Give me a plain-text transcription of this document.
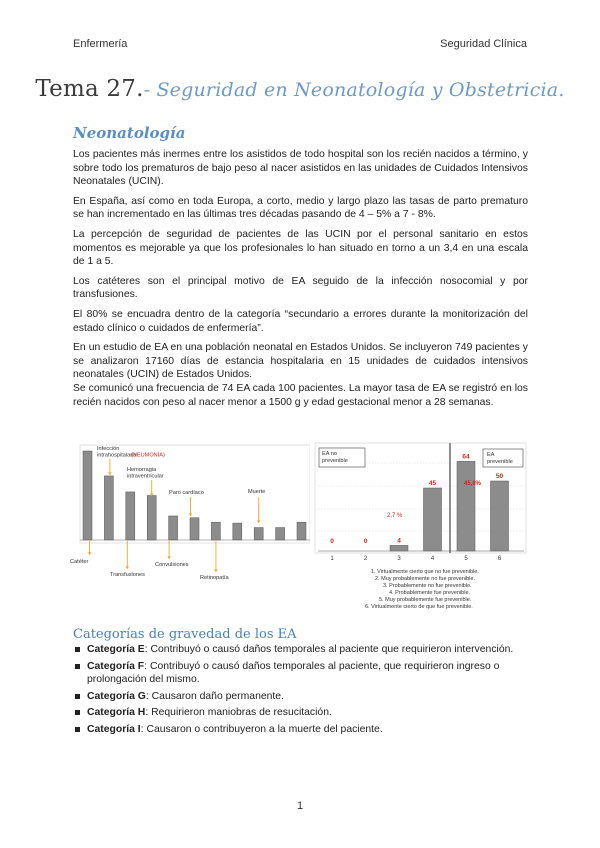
Enfermería	Seguridad Clínica
Tema 27.- Seguridad en Neonatología y Obstetricia.
Neonatología

Los pacientes más inermes entre los asistidos de todo hospital son los recién nacidos a término, y sobre todo los prematuros de bajo peso al nacer asistidos en las unidades de Cuidados Intensivos Neonatales (UCIN).

En España, así como en toda Europa, a corto, medio y largo plazo las tasas de parto prematuro se han incrementado en las últimas tres décadas pasando de 4 – 5% a 7 - 8%.

La percepción de seguridad de pacientes de las UCIN por el personal sanitario en estos momentos es mejorable ya que los profesionales lo han situado en torno a un 3,4 en una escala de 1 a 5.

Los catéteres son el principal motivo de EA seguido de la infección nosocomial y por transfusiones.

El 80% se encuadra dentro de la categoría “secundario a errores durante la monitorización del estado clínico o cuidados de enfermería”.

En un estudio de EA en una población neonatal en Estados Unidos. Se incluyeron 749 pacientes y se analizaron 17160 días de estancia hospitalaria en 15 unidades de cuidados intensivos neonatales (UCIN) de Estados Unidos.

Se comunicó una frecuencia de 74 EA cada 100 pacientes. La mayor tasa de EA se registró en los recién nacidos con peso al nacer menor a 1500 g y edad gestacional menor a 28 semanas.

Infección
intrahospitalaria
(NEUMONÍA)
Hemorragia
intraventricular
Paro cardíaco	Muerte
Catéter
Transfusiones
Convulsiones
Retinopatía
EA no
prevenible
EA
prevenible
0
1
0
2
4
3
45
4
64
5
50
6
2,7 %
45,8%
1. Virtualmente cierto que no fue prevenible.
2. Muy probablemente no fue prevenible.
3. Probablemente no fue prevenible.
4. Probablemente fue prevenible.
5. Muy probablemente fue prevenible.
6. Virtualmente cierto de que fue prevenible.
Categorías de gravedad de los EA
Categoría E: Contribuyó o causó daños temporales al paciente que requirieron intervención.
Categoría F: Contribuyó o causó daños temporales al paciente, que requirieron ingreso o prolongación del mismo.
Categoría G: Causaron daño permanente.
Categoría H: Requirieron maniobras de resucitación.
Categoría I: Causaron o contribuyeron a la muerte del paciente.
1
